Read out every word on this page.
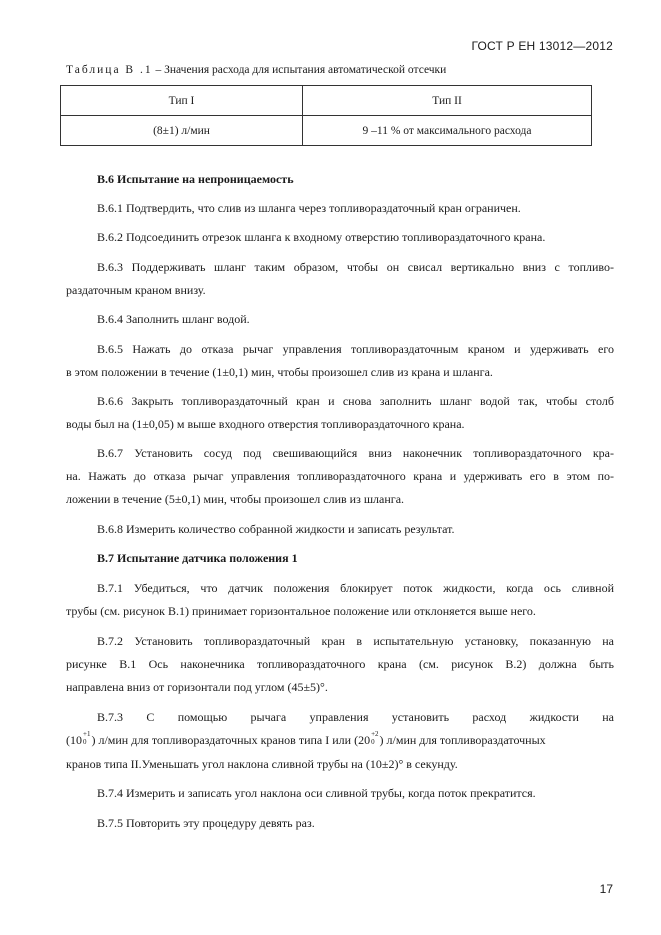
ГОСТ Р ЕН 13012—2012
Таблица В .1 – Значения расхода для испытания автоматической отсечки
Тип I	Тип II
(8±1) л/мин	9 –11 % от максимального расхода
В.6 Испытание на непроницаемость
В.6.1 Подтвердить, что слив из шланга через топливораздаточный кран ограничен.
В.6.2 Подсоединить отрезок шланга к входному отверстию топливораздаточного крана.
В.6.3 Поддерживать шланг таким образом, чтобы он свисал вертикально вниз с топливо-
раздаточным краном внизу.
В.6.4 Заполнить шланг водой.
В.6.5 Нажать до отказа рычаг управления топливораздаточным краном и удерживать его
в этом положении в течение (1±0,1) мин, чтобы произошел слив из крана и шланга.
В.6.6 Закрыть топливораздаточный кран и снова заполнить шланг водой так, чтобы столб
воды был на (1±0,05) м выше входного отверстия топливораздаточного крана.
В.6.7 Установить сосуд под свешивающийся вниз наконечник топливораздаточного кра-
на. Нажать до отказа рычаг управления топливораздаточного крана и удерживать его в этом по-
ложении в течение (5±0,1) мин, чтобы произошел слив из шланга.
В.6.8 Измерить количество собранной жидкости и записать результат.
В.7 Испытание датчика положения 1
В.7.1 Убедиться, что датчик положения блокирует поток жидкости, когда ось сливной
трубы (см. рисунок В.1) принимает горизонтальное положение или отклоняется выше него.
В.7.2 Установить топливораздаточный кран в испытательную установку, показанную на
рисунке В.1 Ось наконечника топливораздаточного крана (см. рисунок В.2) должна быть
направлена вниз от горизонтали под углом (45±5)°.
В.7.3     С     помощью     рычага     управления     установить     расход     жидкости     на
(10 +1
0 ) л/мин для топливораздаточных кранов типа I или (20 +2
0 ) л/мин для топливораздаточных
кранов типа II.Уменьшать угол наклона сливной трубы на (10±2)° в секунду.
В.7.4 Измерить и записать угол наклона оси сливной трубы, когда поток прекратится.
В.7.5 Повторить эту процедуру девять раз.
17
